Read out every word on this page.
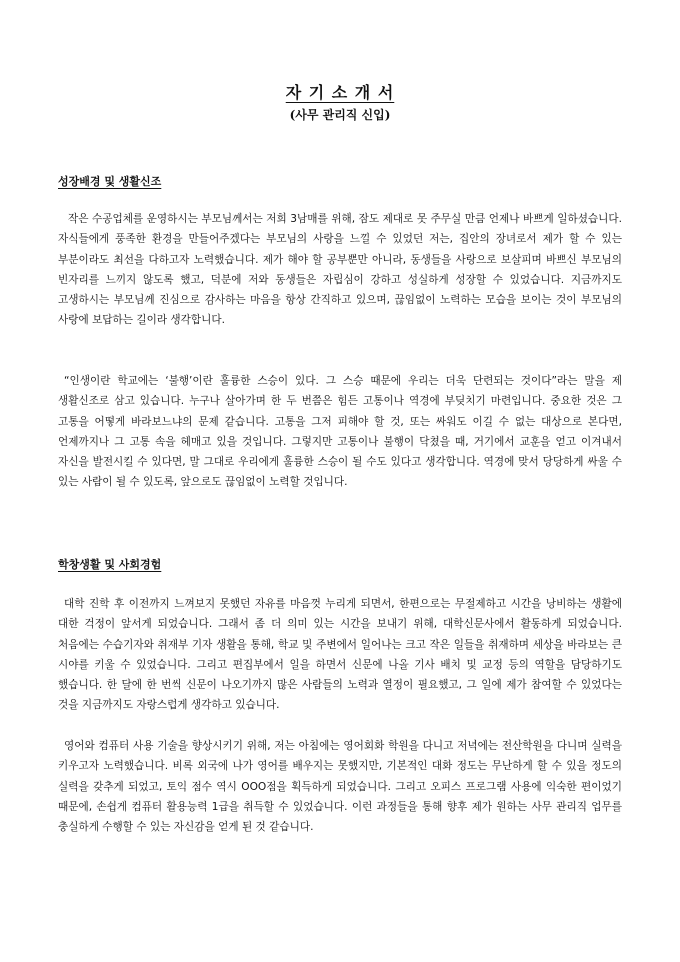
자 기 소 개 서
(사무 관리직 신입)
성장배경 및 생활신조
작은 수공업체를 운영하시는 부모님께서는 저희 3남매를 위해, 잠도 제대로 못 주무실 만큼 언제나 바쁘게 일하셨습니다. 자식들에게 풍족한 환경을 만들어주겠다는 부모님의 사랑을 느낄 수 있었던 저는, 집안의 장녀로서 제가 할 수 있는 부분이라도 최선을 다하고자 노력했습니다. 제가 해야 할 공부뿐만 아니라, 동생들을 사랑으로 보살피며 바쁘신 부모님의 빈자리를 느끼지 않도록 했고, 덕분에 저와 동생들은 자립심이 강하고 성실하게 성장할 수 있었습니다. 지금까지도 고생하시는 부모님께 진심으로 감사하는 마음을 항상 간직하고 있으며, 끊임없이 노력하는 모습을 보이는 것이 부모님의 사랑에 보답하는 길이라 생각합니다.
“인생이란 학교에는 ‘불행’이란 훌륭한 스승이 있다. 그 스승 때문에 우리는 더욱 단련되는 것이다”라는 말을 제 생활신조로 삼고 있습니다. 누구나 살아가며 한 두 번쯤은 힘든 고통이나 역경에 부딪치기 마련입니다. 중요한 것은 그 고통을 어떻게 바라보느냐의 문제 같습니다. 고통을 그저 피해야 할 것, 또는 싸워도 이길 수 없는 대상으로 본다면, 언제까지나 그 고통 속을 헤매고 있을 것입니다. 그렇지만 고통이나 불행이 닥쳤을 때, 거기에서 교훈을 얻고 이겨내서 자신을 발전시킬 수 있다면, 말 그대로 우리에게 훌륭한 스승이 될 수도 있다고 생각합니다. 역경에 맞서 당당하게 싸울 수 있는 사람이 될 수 있도록, 앞으로도 끊임없이 노력할 것입니다.
학창생활 및 사회경험
대학 진학 후 이전까지 느껴보지 못했던 자유를 마음껏 누리게 되면서, 한편으로는 무절제하고 시간을 낭비하는 생활에 대한 걱정이 앞서게 되었습니다. 그래서 좀 더 의미 있는 시간을 보내기 위해, 대학신문사에서 활동하게 되었습니다. 처음에는 수습기자와 취재부 기자 생활을 통해, 학교 및 주변에서 일어나는 크고 작은 일들을 취재하며 세상을 바라보는 큰 시야를 키울 수 있었습니다. 그리고 편집부에서 일을 하면서 신문에 나올 기사 배치 및 교정 등의 역할을 담당하기도 했습니다. 한 달에 한 번씩 신문이 나오기까지 많은 사람들의 노력과 열정이 필요했고, 그 일에 제가 참여할 수 있었다는 것을 지금까지도 자랑스럽게 생각하고 있습니다.
영어와 컴퓨터 사용 기술을 향상시키기 위해, 저는 아침에는 영어회화 학원을 다니고 저녁에는 전산학원을 다니며 실력을 키우고자 노력했습니다. 비록 외국에 나가 영어를 배우지는 못했지만, 기본적인 대화 정도는 무난하게 할 수 있을 정도의 실력을 갖추게 되었고, 토익 점수 역시 OOO점을 획득하게 되었습니다. 그리고 오피스 프로그램 사용에 익숙한 편이었기 때문에, 손쉽게 컴퓨터 활용능력 1급을 취득할 수 있었습니다. 이런 과정들을 통해 향후 제가 원하는 사무 관리직 업무를 충실하게 수행할 수 있는 자신감을 얻게 된 것 같습니다.
